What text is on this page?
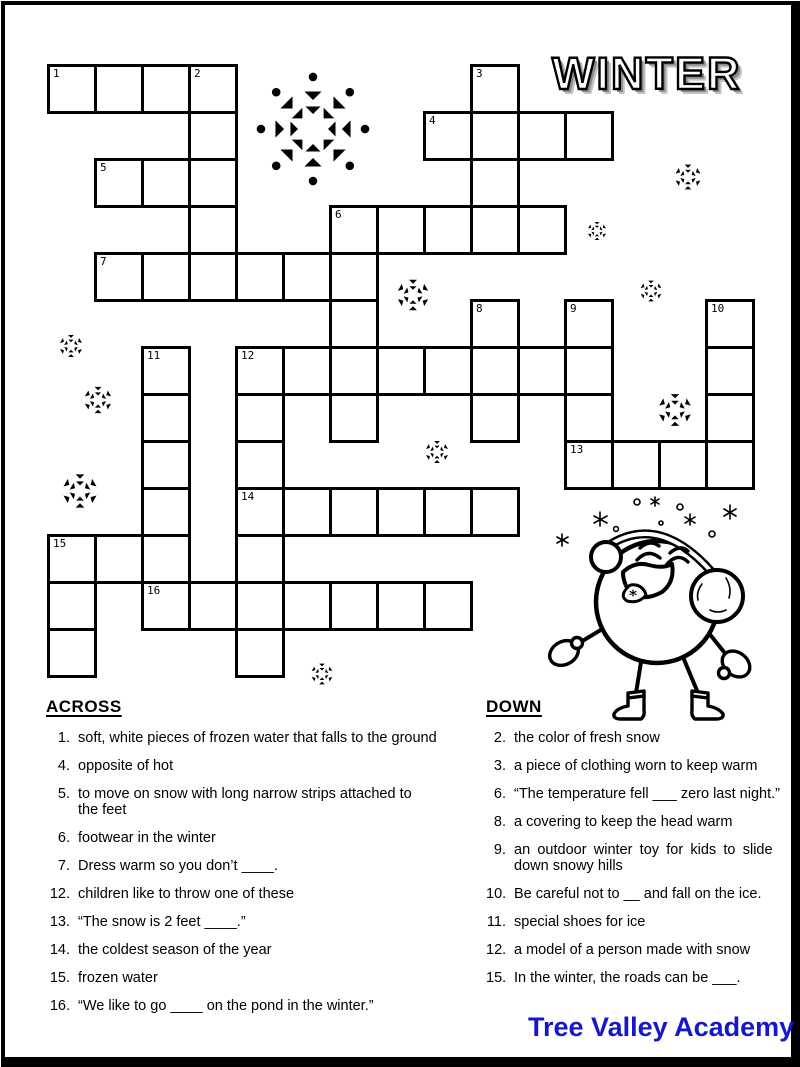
WINTER
1	2	3
4
5
6
7
8	9	10
11	12
13
14
15
16
ACROSS
1. soft, white pieces of frozen water that falls to the ground
4. opposite of hot
5. to move on snow with long narrow strips attached to
the feet
6. footwear in the winter
7. Dress warm so you don’t ____.
12. children like to throw one of these
13. “The snow is 2 feet ____.”
14. the coldest season of the year
15. frozen water
16. “We like to go ____ on the pond in the winter.”
DOWN
2. the color of fresh snow
3. a piece of clothing worn to keep warm
6. “The temperature fell ___ zero last night.”
8. a covering to keep the head warm
9. an outdoor winter toy for kids to slide
down snowy hills
10. Be careful not to __ and fall on the ice.
11. special shoes for ice
12. a model of a person made with snow
15. In the winter, the roads can be ___.
Tree Valley Academy
